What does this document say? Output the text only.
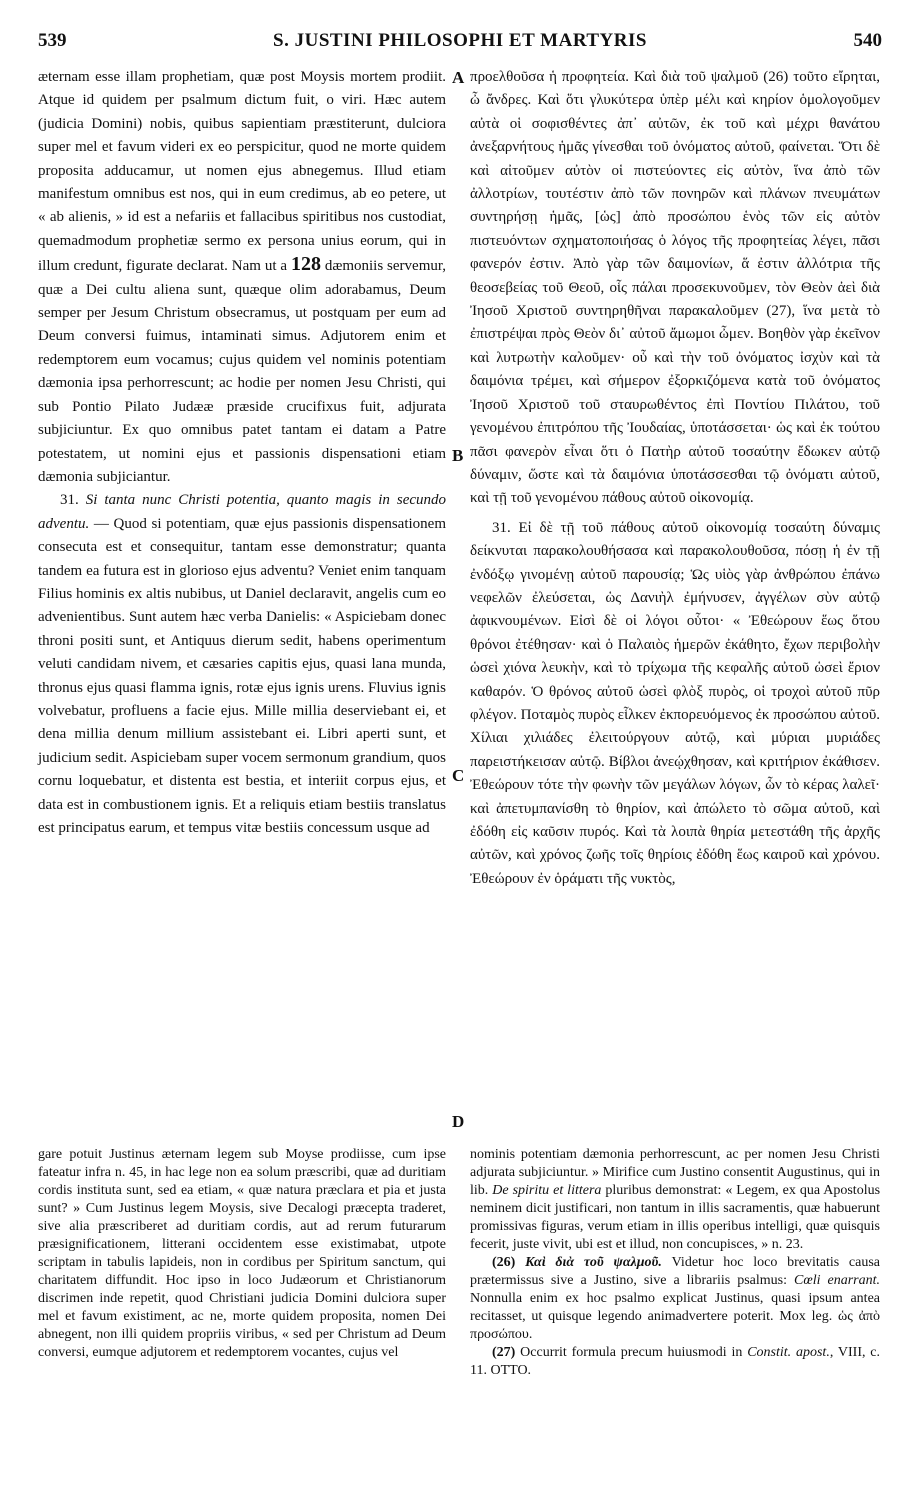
539	S. JUSTINI PHILOSOPHI ET MARTYRIS	540

æternam esse illam prophetiam, quæ post Moysis mortem prodiit. Atque id quidem per psalmum dictum fuit, o viri. Hæc autem (judicia Domini) nobis, quibus sapientiam præstiterunt, dulciora super mel et favum videri ex eo perspicitur, quod ne morte quidem proposita adducamur, ut nomen ejus abnegemus. Illud etiam manifestum omnibus est nos, qui in eum credimus, ab eo petere, ut « ab alienis, » id est a nefariis et fallacibus spiritibus nos custodiat, quemadmodum prophetiæ sermo ex persona unius eorum, qui in illum credunt, figurate declarat. Nam ut a 128 dæmoniis servemur, quæ a Dei cultu aliena sunt, quæque olim adorabamus, Deum semper per Jesum Christum obsecramus, ut postquam per eum ad Deum conversi fuimus, intaminati simus. Adjutorem enim et redemptorem eum vocamus; cujus quidem vel nominis potentiam dæmonia ipsa perhorrescunt; ac hodie per nomen Jesu Christi, qui sub Pontio Pilato Judææ præside crucifixus fuit, adjurata subjiciuntur. Ex quo omnibus patet tantam ei datam a Patre potestatem, ut nomini ejus et passionis dispensationi etiam dæmonia subjiciantur.

31. Si tanta nunc Christi potentia, quanto magis in secundo adventu. — Quod si potentiam, quæ ejus passionis dispensationem consecuta est et consequitur, tantam esse demonstratur; quanta tandem ea futura est in glorioso ejus adventu? Veniet enim tanquam Filius hominis ex altis nubibus, ut Daniel declaravit, angelis cum eo advenientibus. Sunt autem hæc verba Danielis: « Aspiciebam donec throni positi sunt, et Antiquus dierum sedit, habens operimentum veluti candidam nivem, et cæsaries capitis ejus, quasi lana munda, thronus ejus quasi flamma ignis, rotæ ejus ignis urens. Fluvius ignis volvebatur, profluens a facie ejus. Mille millia deserviebant ei, et dena millia denum millium assistebant ei. Libri aperti sunt, et judicium sedit. Aspiciebam super vocem sermonum grandium, quos cornu loquebatur, et distenta est bestia, et interiit corpus ejus, et data est in combustionem ignis. Et a reliquis etiam bestiis translatus est principatus earum, et tempus vitæ bestiis concessum usque ad

A
B
C
D

προελθοῦσα ἡ προφητεία. Καὶ διὰ τοῦ ψαλμοῦ (26) τοῦτο εἴρηται, ὦ ἄνδρες. Καὶ ὅτι γλυκύτερα ὑπὲρ μέλι καὶ κηρίον ὁμολογοῦμεν αὐτὰ οἱ σοφισθέντες ἀπ᾽ αὐτῶν, ἐκ τοῦ καὶ μέχρι θανάτου ἀνεξαρνήτους ἡμᾶς γίνεσθαι τοῦ ὀνόματος αὐτοῦ, φαίνεται. Ὅτι δὲ καὶ αἰτοῦμεν αὐτὸν οἱ πιστεύοντες εἰς αὐτὸν, ἵνα ἀπὸ τῶν ἀλλοτρίων, τουτέστιν ἀπὸ τῶν πονηρῶν καὶ πλάνων πνευμάτων συντηρήσῃ ἡμᾶς, [ὡς] ἀπὸ προσώπου ἑνὸς τῶν εἰς αὐτὸν πιστευόντων σχηματοποιήσας ὁ λόγος τῆς προφητείας λέγει, πᾶσι φανερόν ἐστιν. Ἀπὸ γὰρ τῶν δαιμονίων, ἅ ἐστιν ἀλλότρια τῆς θεοσεβείας τοῦ Θεοῦ, οἷς πάλαι προσεκυνοῦμεν, τὸν Θεὸν ἀεὶ διὰ Ἰησοῦ Χριστοῦ συντηρηθῆναι παρακαλοῦμεν (27), ἵνα μετὰ τὸ ἐπιστρέψαι πρὸς Θεὸν δι᾽ αὐτοῦ ἄμωμοι ὦμεν. Βοηθὸν γὰρ ἐκεῖνον καὶ λυτρωτὴν καλοῦμεν· οὗ καὶ τὴν τοῦ ὀνόματος ἰσχὺν καὶ τὰ δαιμόνια τρέμει, καὶ σήμερον ἐξορκιζόμενα κατὰ τοῦ ὀνόματος Ἰησοῦ Χριστοῦ τοῦ σταυρωθέντος ἐπὶ Ποντίου Πιλάτου, τοῦ γενομένου ἐπιτρόπου τῆς Ἰουδαίας, ὑποτάσσεται· ὡς καὶ ἐκ τούτου πᾶσι φανερὸν εἶναι ὅτι ὁ Πατὴρ αὐτοῦ τοσαύτην ἔδωκεν αὐτῷ δύναμιν, ὥστε καὶ τὰ δαιμόνια ὑποτάσσεσθαι τῷ ὀνόματι αὐτοῦ, καὶ τῇ τοῦ γενομένου πάθους αὐτοῦ οἰκονομίᾳ.

31. Εἰ δὲ τῇ τοῦ πάθους αὐτοῦ οἰκονομίᾳ τοσαύτη δύναμις δείκνυται παρακολουθήσασα καὶ παρακολουθοῦσα, πόσῃ ἡ ἐν τῇ ἐνδόξῳ γινομένῃ αὐτοῦ παρουσίᾳ; Ὡς υἱὸς γὰρ ἀνθρώπου ἐπάνω νεφελῶν ἐλεύσεται, ὡς Δανιὴλ ἐμήνυσεν, ἀγγέλων σὺν αὐτῷ ἀφικνουμένων. Εἰσὶ δὲ οἱ λόγοι οὗτοι· « Ἐθεώρουν ἕως ὅτου θρόνοι ἐτέθησαν· καὶ ὁ Παλαιὸς ἡμερῶν ἐκάθητο, ἔχων περιβολὴν ὡσεὶ χιόνα λευκὴν, καὶ τὸ τρίχωμα τῆς κεφαλῆς αὐτοῦ ὡσεὶ ἔριον καθαρόν. Ὁ θρόνος αὐτοῦ ὡσεὶ φλὸξ πυρὸς, οἱ τροχοὶ αὐτοῦ πῦρ φλέγον. Ποταμὸς πυρὸς εἷλκεν ἐκπορευόμενος ἐκ προσώπου αὐτοῦ. Χίλιαι χιλιάδες ἐλειτούργουν αὐτῷ, καὶ μύριαι μυριάδες παρειστήκεισαν αὐτῷ. Βίβλοι ἀνεῴχθησαν, καὶ κριτήριον ἐκάθισεν. Ἐθεώρουν τότε τὴν φωνὴν τῶν μεγάλων λόγων, ὧν τὸ κέρας λαλεῖ· καὶ ἀπετυμπανίσθη τὸ θηρίον, καὶ ἀπώλετο τὸ σῶμα αὐτοῦ, καὶ ἐδόθη εἰς καῦσιν πυρός. Καὶ τὰ λοιπὰ θηρία μετεστάθη τῆς ἀρχῆς αὐτῶν, καὶ χρόνος ζωῆς τοῖς θηρίοις ἐδόθη ἕως καιροῦ καὶ χρόνου. Ἐθεώρουν ἐν ὁράματι τῆς νυκτὸς,

gare potuit Justinus æternam legem sub Moyse prodiisse, cum ipse fateatur infra n. 45, in hac lege non ea solum præscribi, quæ ad duritiam cordis instituta sunt, sed ea etiam, « quæ natura præclara et pia et justa sunt? » Cum Justinus legem Moysis, sive Decalogi præcepta traderet, sive alia præscriberet ad duritiam cordis, aut ad rerum futurarum præsignificationem, litterani occidentem esse existimabat, utpote scriptam in tabulis lapideis, non in cordibus per Spiritum sanctum, qui charitatem diffundit. Hoc ipso in loco Judæorum et Christianorum discrimen inde repetit, quod Christiani judicia Domini dulciora super mel et favum existiment, ac ne, morte quidem proposita, nomen Dei abnegent, non illi quidem propriis viribus, « sed per Christum ad Deum conversi, eumque adjutorem et redemptorem vocantes, cujus vel

nominis potentiam dæmonia perhorrescunt, ac per nomen Jesu Christi adjurata subjiciuntur. » Mirifice cum Justino consentit Augustinus, qui in lib. De spiritu et littera pluribus demonstrat: « Legem, ex qua Apostolus neminem dicit justificari, non tantum in illis sacramentis, quæ habuerunt promissivas figuras, verum etiam in illis operibus intelligi, quæ quisquis fecerit, juste vivit, ubi est et illud, non concupisces, » n. 23.

(26) Καὶ διὰ τοῦ ψαλμοῦ. Videtur hoc loco brevitatis causa prætermissus sive a Justino, sive a librariis psalmus: Cœli enarrant. Nonnulla enim ex hoc psalmo explicat Justinus, quasi ipsum antea recitasset, ut quisque legendo animadvertere poterit. Mox leg. ὡς ἀπὸ προσώπου.

(27) Occurrit formula precum huiusmodi in Constit. apost., VIII, c. 11. OTTO.
